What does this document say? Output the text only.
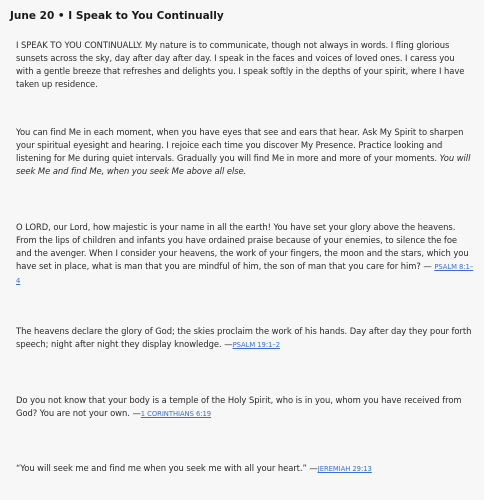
June 20 • I Speak to You Continually
I SPEAK TO YOU CONTINUALLY. My nature is to communicate, though not always in words. I fling glorious sunsets across the sky, day after day after day. I speak in the faces and voices of loved ones. I caress you with a gentle breeze that refreshes and delights you. I speak softly in the depths of your spirit, where I have taken up residence.
You can find Me in each moment, when you have eyes that see and ears that hear. Ask My Spirit to sharpen your spiritual eyesight and hearing. I rejoice each time you discover My Presence. Practice looking and listening for Me during quiet intervals. Gradually you will find Me in more and more of your moments. You will seek Me and find Me, when you seek Me above all else.
O LORD, our Lord, how majestic is your name in all the earth! You have set your glory above the heavens. From the lips of children and infants you have ordained praise because of your enemies, to silence the foe and the avenger. When I consider your heavens, the work of your fingers, the moon and the stars, which you have set in place, what is man that you are mindful of him, the son of man that you care for him? — PSALM 8:1–4
The heavens declare the glory of God; the skies proclaim the work of his hands. Day after day they pour forth speech; night after night they display knowledge. —PSALM 19:1–2
Do you not know that your body is a temple of the Holy Spirit, who is in you, whom you have received from God? You are not your own. —1 CORINTHIANS 6:19
“You will seek me and find me when you seek me with all your heart.” —JEREMIAH 29:13
